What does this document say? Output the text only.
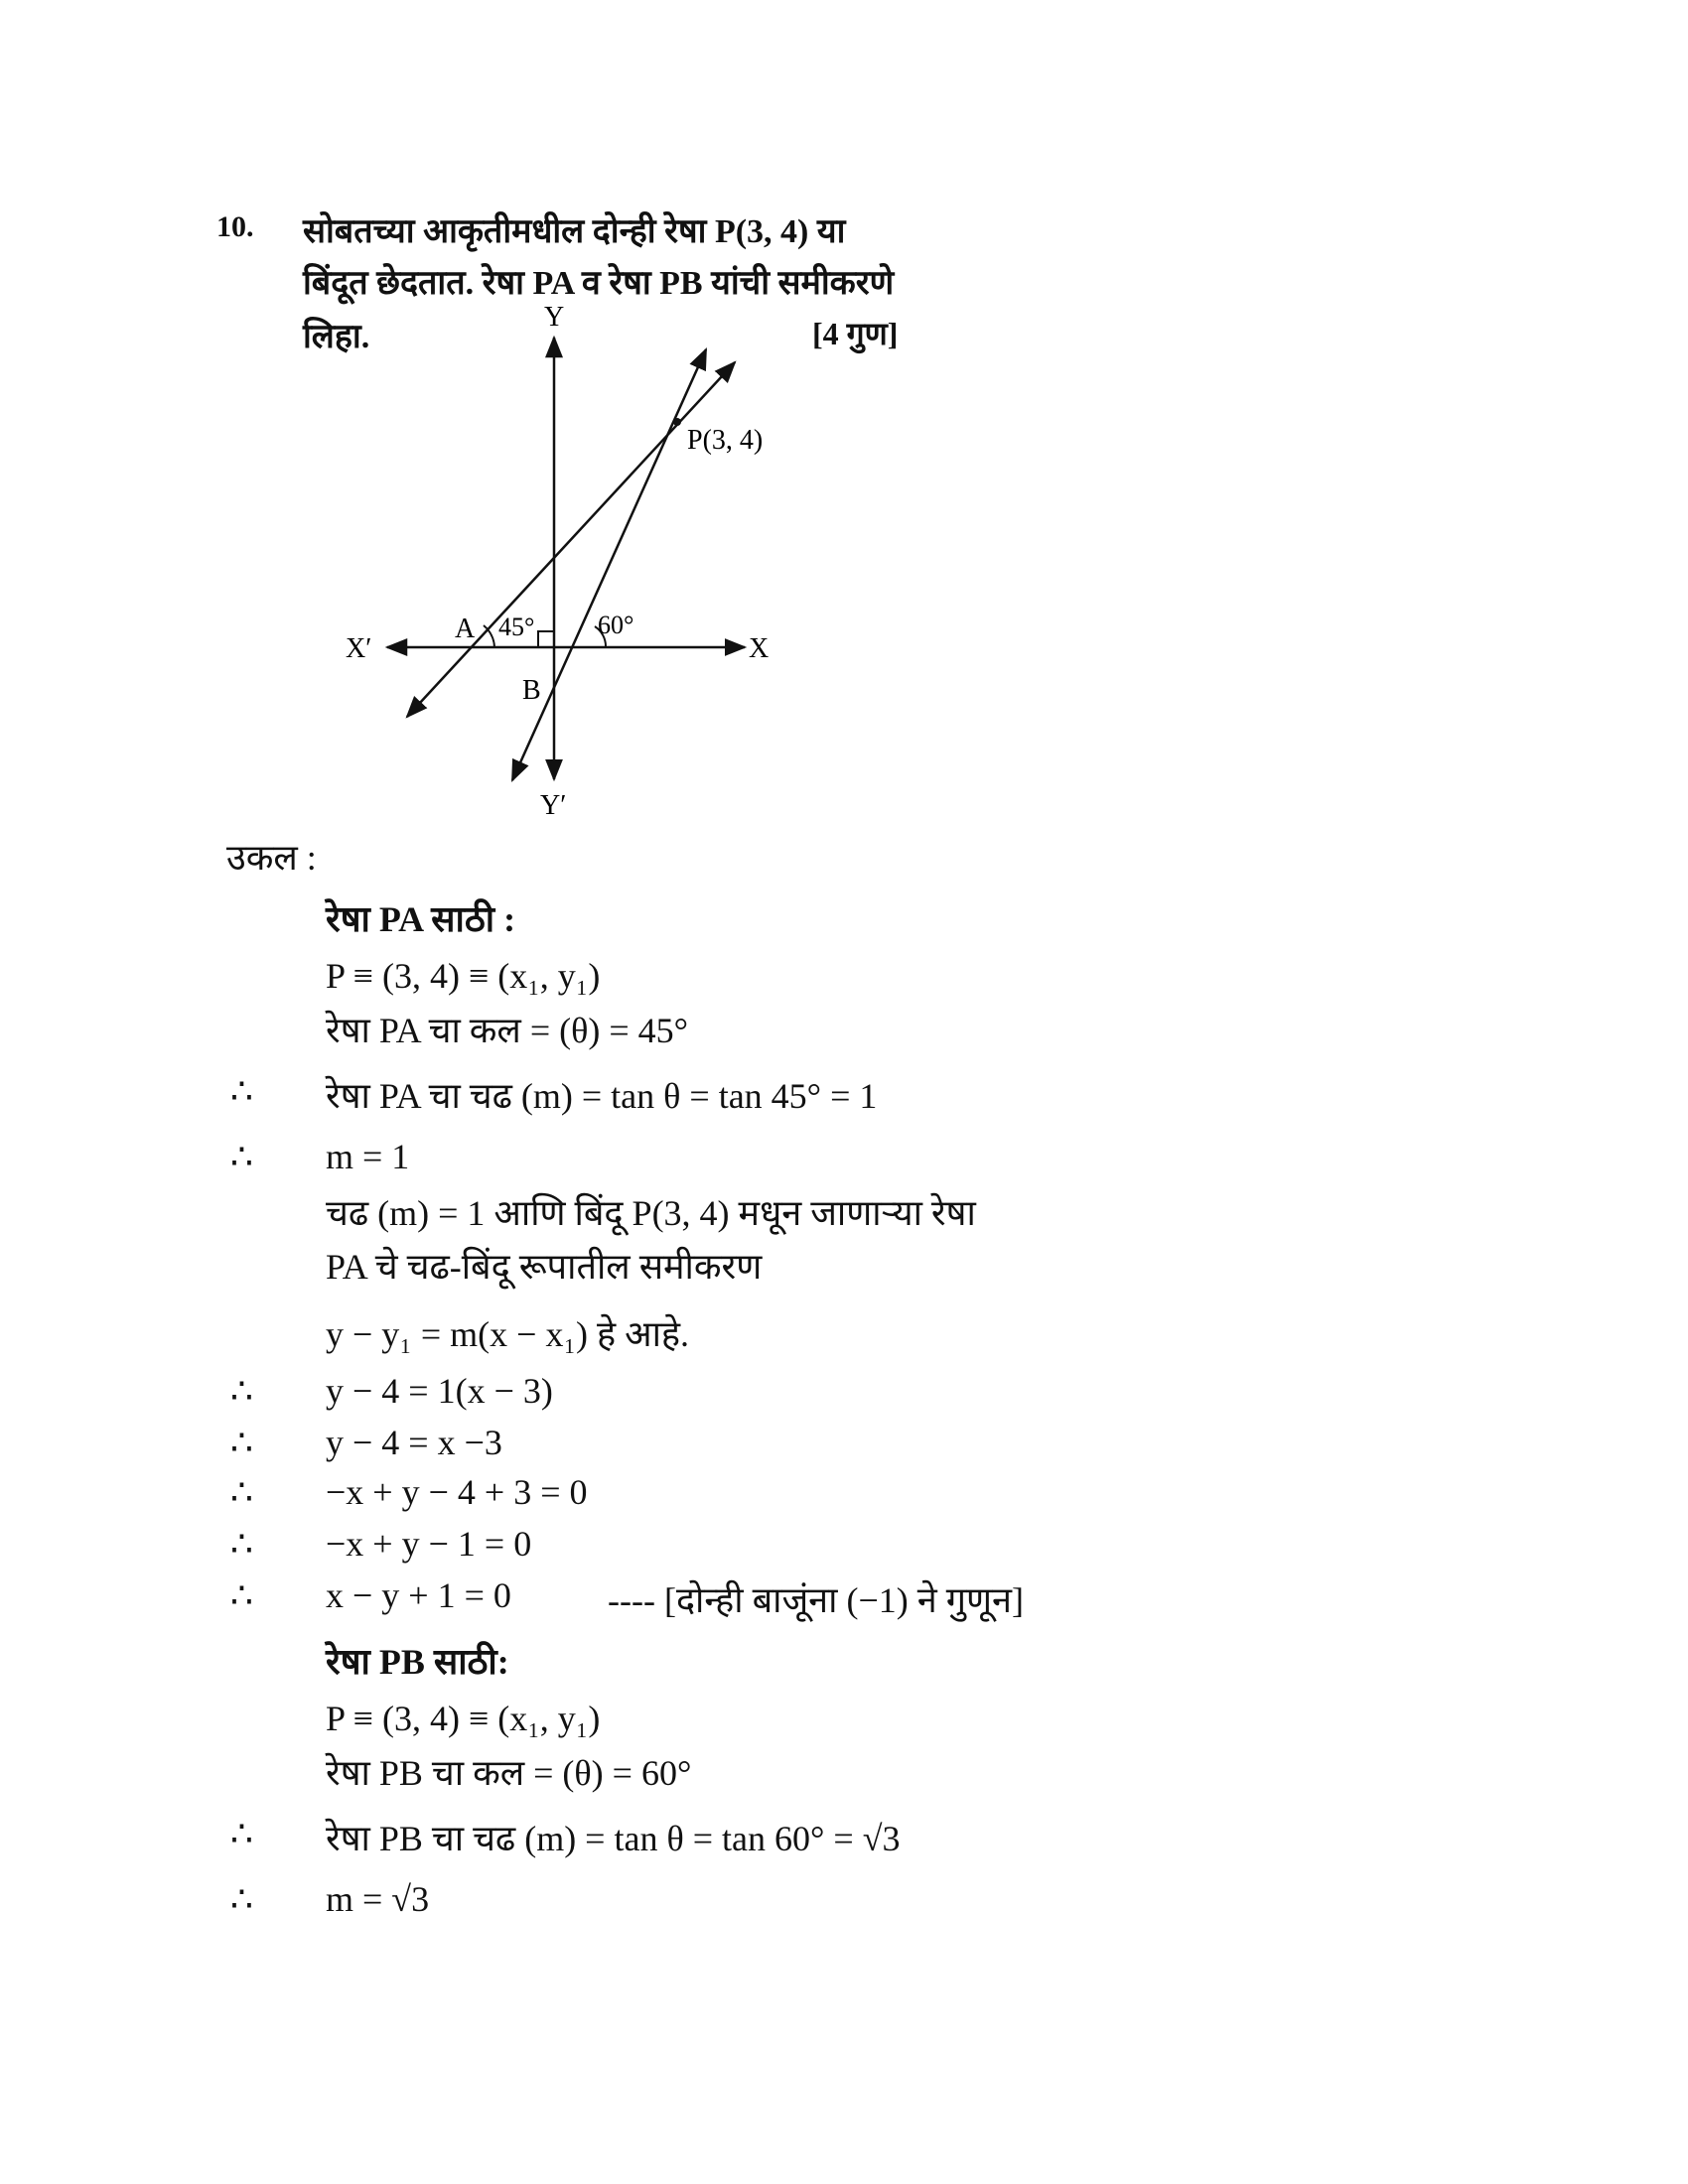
10. सोबतच्या आकृतीमधील दोन्ही रेषा P(3, 4) या
बिंदूत छेदतात. रेषा PA व रेषा PB यांची समीकरणे
लिहा.	[4 गुण]
Y
Y′
X
X′
P(3, 4)
A
B
45° 60°
उकल :
रेषा PA साठी :
P ≡ (3, 4) ≡ (x₁, y₁)
रेषा PA चा कल = (θ) = 45°
∴ रेषा PA चा चढ (m) = tan θ = tan 45° = 1
∴ m = 1
चढ (m) = 1 आणि बिंदू P(3, 4) मधून जाणाऱ्या रेषा
PA चे चढ-बिंदू रूपातील समीकरण
y − y₁ = m(x − x₁) हे आहे.
∴ y − 4 = 1(x − 3)
∴ y − 4 = x −3
∴ −x + y − 4 + 3 = 0
∴ −x + y − 1 = 0
∴ x − y + 1 = 0	---- [दोन्ही बाजूंना (−1) ने गुणून]
रेषा PB साठी:
P ≡ (3, 4) ≡ (x₁, y₁)
रेषा PB चा कल = (θ) = 60°
∴ रेषा PB चा चढ (m) = tan θ = tan 60° = √3
∴ m = √3
